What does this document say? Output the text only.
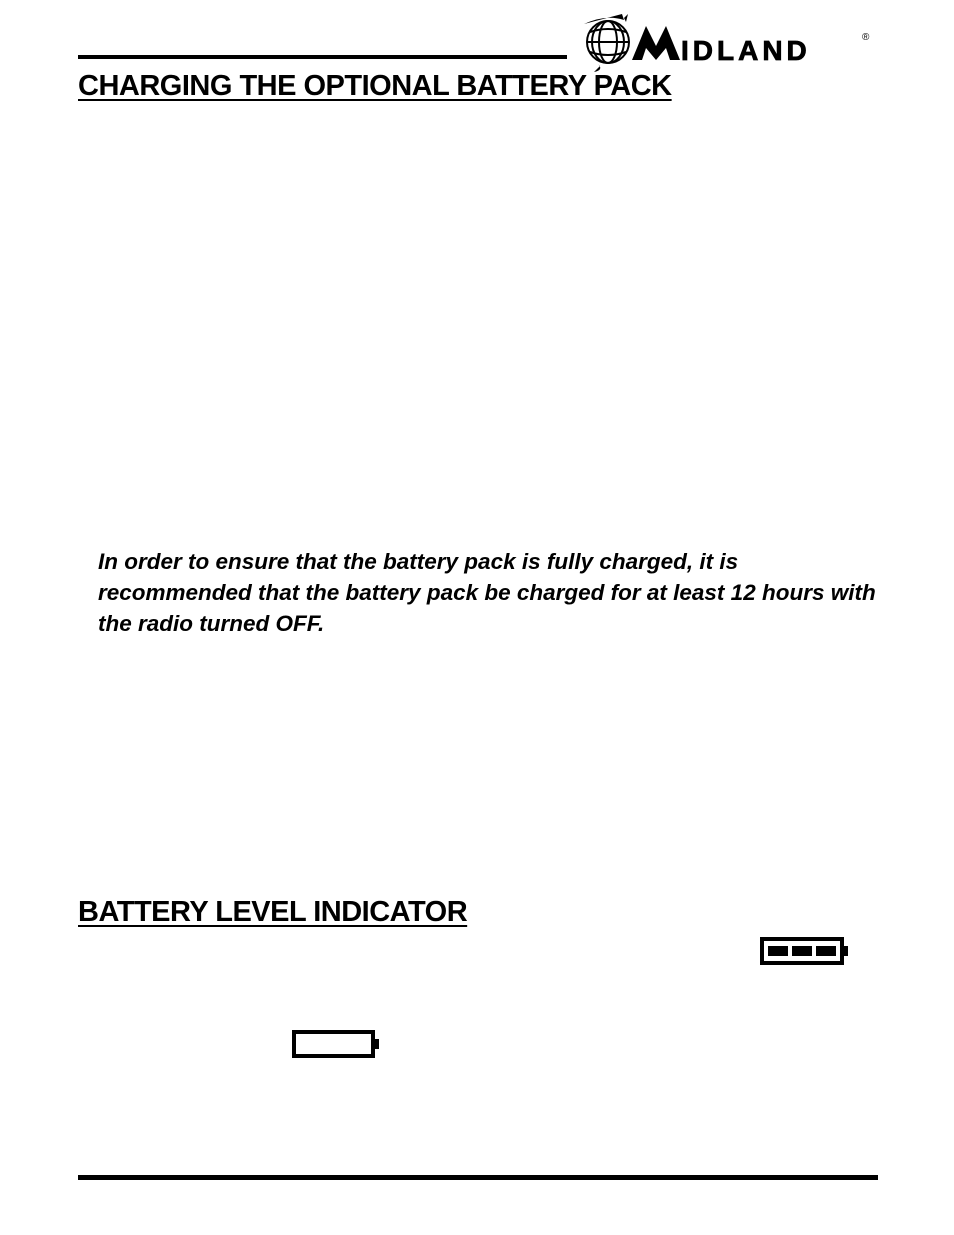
IDLAND	®
CHARGING THE OPTIONAL BATTERY PACK

In order to ensure that the battery pack is fully charged, it is recommended that the battery pack be charged for at least 12 hours with the radio turned OFF.

BATTERY LEVEL INDICATOR
